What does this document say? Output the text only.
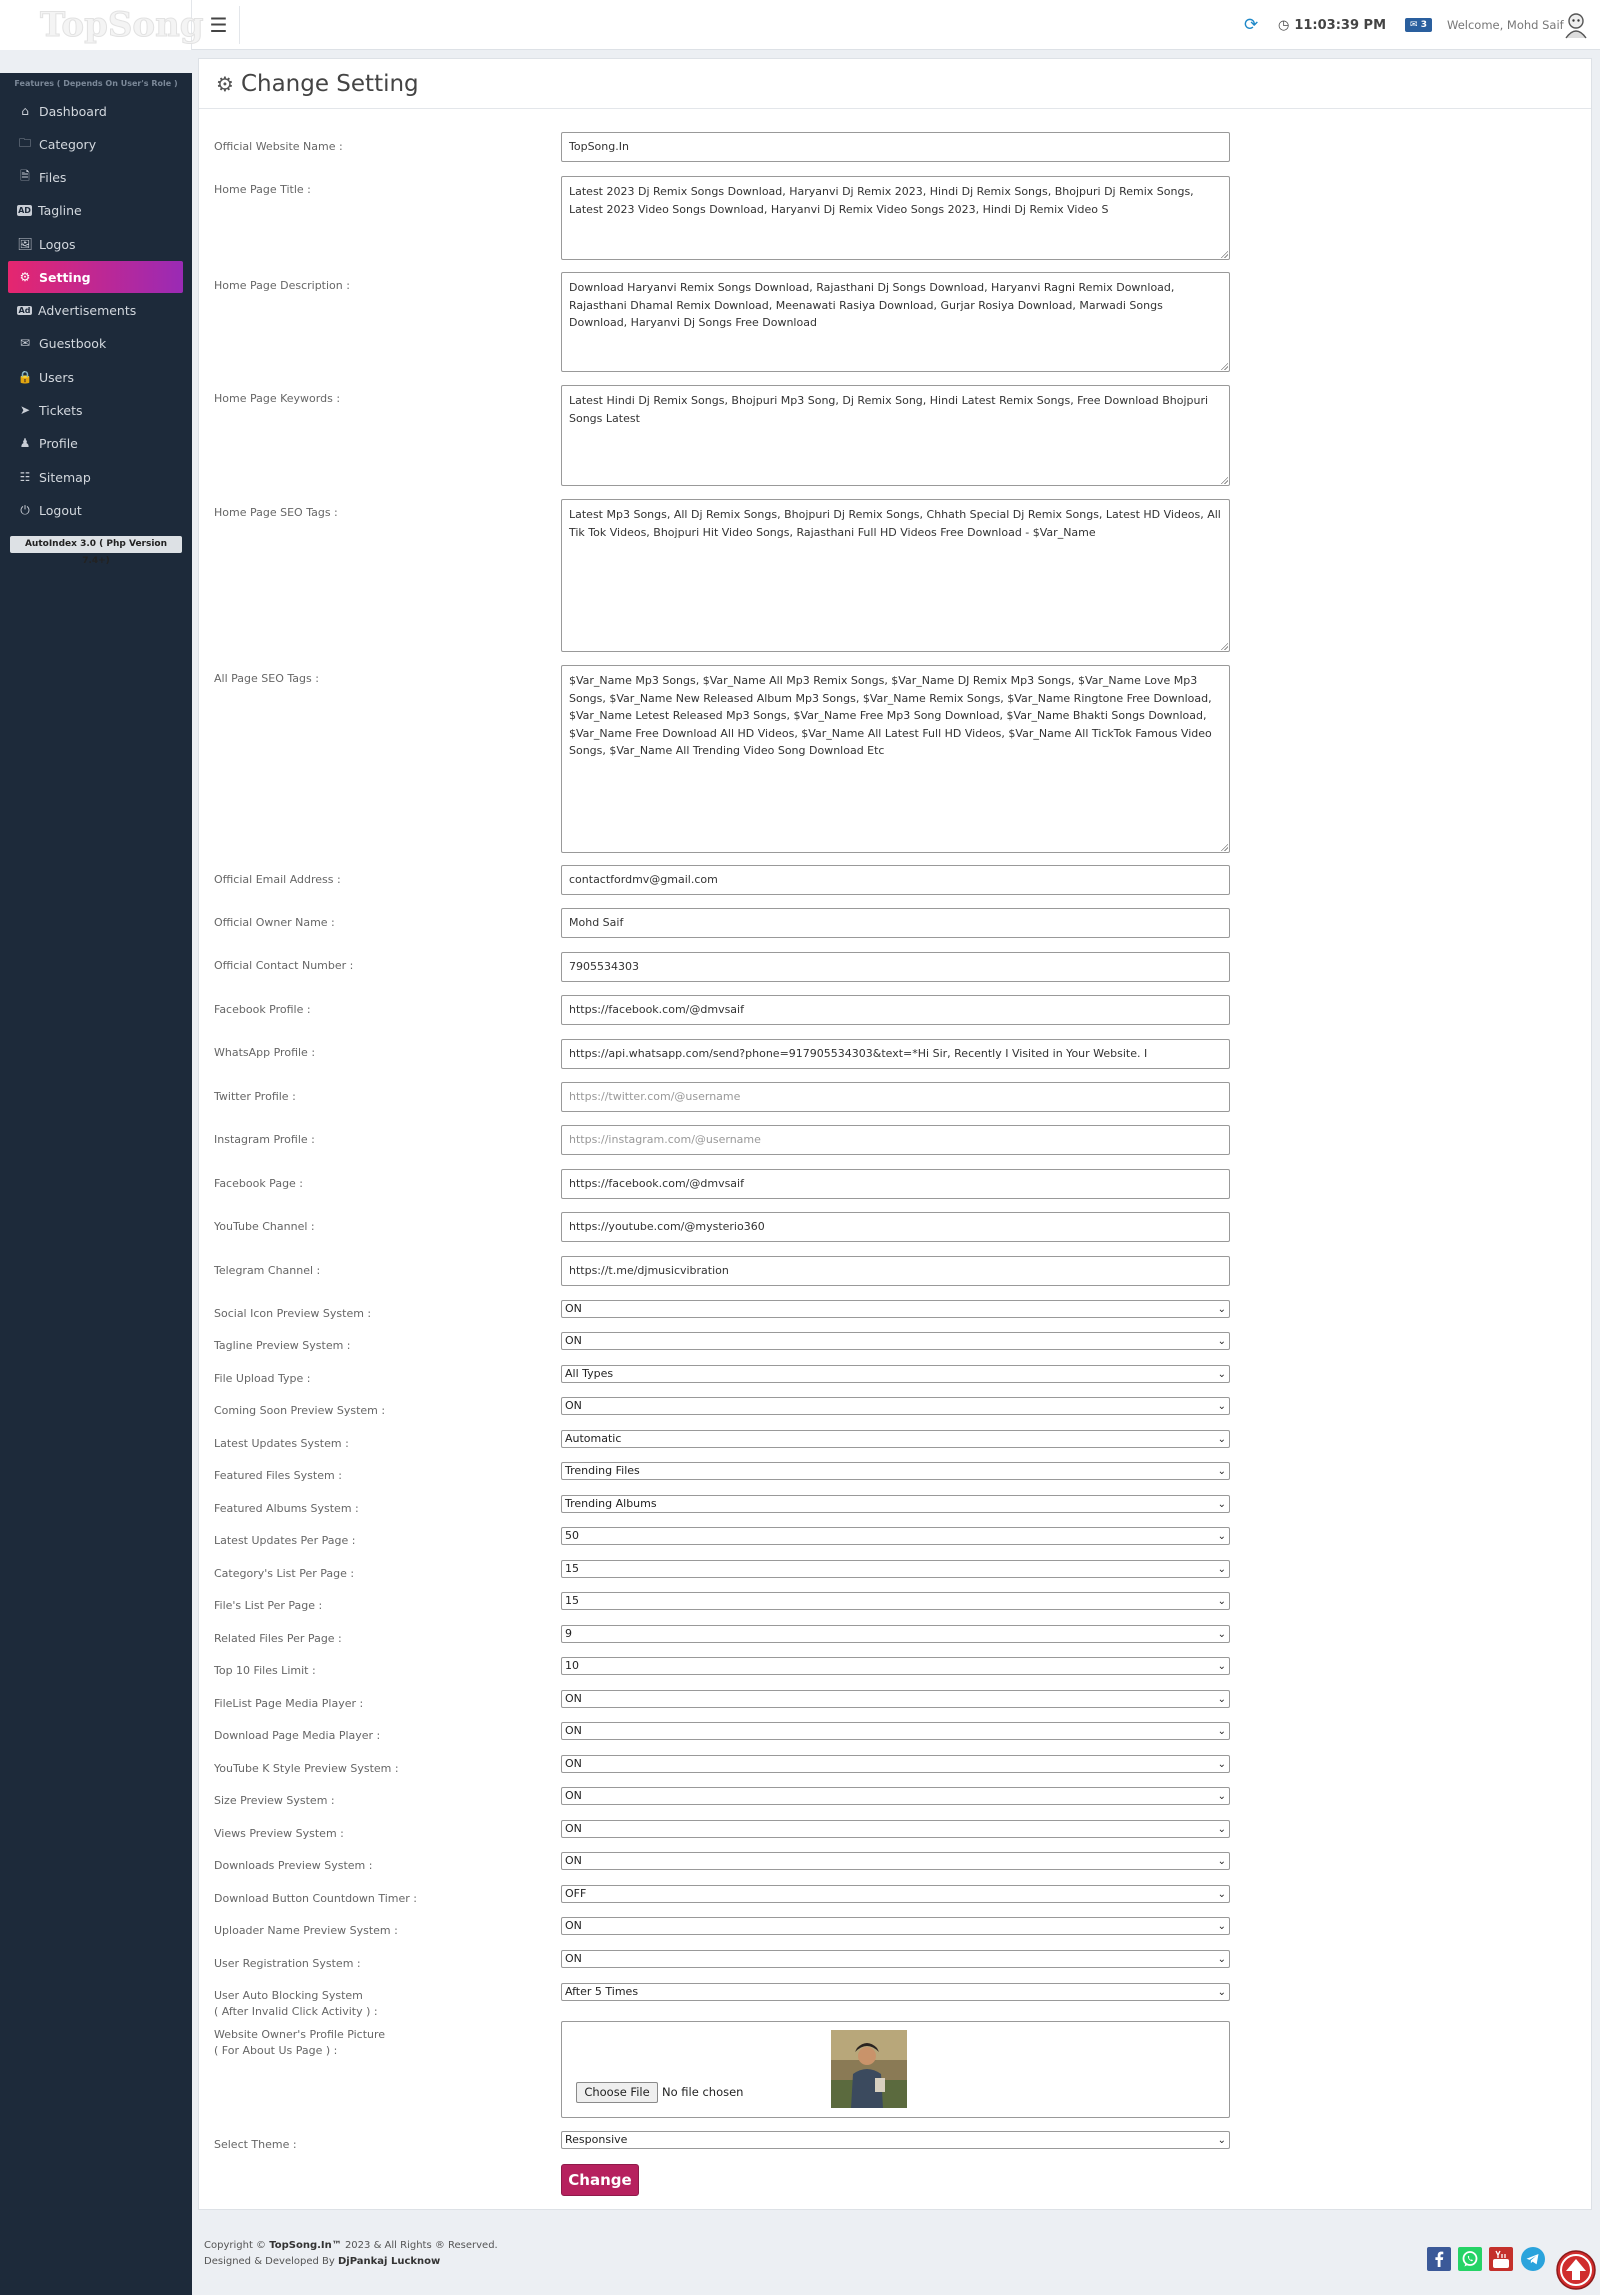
TopSong ☰	⟳ ◷ 11:03:39 PM	✉ 3	Welcome, Mohd Saif
Features ( Depends On User's Role )
⌂ Dashboard
🗀 Category
🗎 Files
AD Tagline
🖼 Logos
⚙ Setting
Ad Advertisements
✉ Guestbook
🔒 Users
➤ Tickets
♟ Profile
☷ Sitemap
⏻ Logout
AutoIndex 3.0 ( Php Version 7.4+)
⚙ Change Setting
Official Website Name :	TopSong.In
Home Page Title :	Latest 2023 Dj Remix Songs Download, Haryanvi Dj Remix 2023, Hindi Dj Remix Songs, Bhojpuri Dj Remix Songs, Latest 2023 Video Songs Download, Haryanvi Dj Remix Video Songs 2023, Hindi Dj Remix Video S
Home Page Description :	Download Haryanvi Remix Songs Download, Rajasthani Dj Songs Download, Haryanvi Ragni Remix Download, Rajasthani Dhamal Remix Download, Meenawati Rasiya Download, Gurjar Rosiya Download, Marwadi Songs Download, Haryanvi Dj Songs Free Download
Home Page Keywords :	Latest Hindi Dj Remix Songs, Bhojpuri Mp3 Song, Dj Remix Song, Hindi Latest Remix Songs, Free Download Bhojpuri Songs Latest
Home Page SEO Tags :	Latest Mp3 Songs, All Dj Remix Songs, Bhojpuri Dj Remix Songs, Chhath Special Dj Remix Songs, Latest HD Videos, All Tik Tok Videos, Bhojpuri Hit Video Songs, Rajasthani Full HD Videos Free Download - $Var_Name
All Page SEO Tags :	$Var_Name Mp3 Songs, $Var_Name All Mp3 Remix Songs, $Var_Name DJ Remix Mp3 Songs, $Var_Name Love Mp3 Songs, $Var_Name New Released Album Mp3 Songs, $Var_Name Remix Songs, $Var_Name Ringtone Free Download, $Var_Name Letest Released Mp3 Songs, $Var_Name Free Mp3 Song Download, $Var_Name Bhakti Songs Download, $Var_Name Free Download All HD Videos, $Var_Name All Latest Full HD Videos, $Var_Name All TickTok Famous Video Songs, $Var_Name All Trending Video Song Download Etc
Official Email Address :	contactfordmv@gmail.com
Official Owner Name :	Mohd Saif
Official Contact Number :	7905534303
Facebook Profile :	https://facebook.com/@dmvsaif
WhatsApp Profile :	https://api.whatsapp.com/send?phone=917905534303&text=*Hi Sir, Recently I Visited in Your Website. I
Twitter Profile :	https://twitter.com/@username
Instagram Profile :	https://instagram.com/@username
Facebook Page :	https://facebook.com/@dmvsaif
YouTube Channel :	https://youtube.com/@mysterio360
Telegram Channel :	https://t.me/djmusicvibration
Social Icon Preview System :	ON	⌄
Tagline Preview System :	ON	⌄
File Upload Type :	All Types	⌄
Coming Soon Preview System :	ON	⌄
Latest Updates System :	Automatic	⌄
Featured Files System :	Trending Files	⌄
Featured Albums System :	Trending Albums	⌄
Latest Updates Per Page :	50	⌄
Category's List Per Page :	15	⌄
File's List Per Page :	15	⌄
Related Files Per Page :	9	⌄
Top 10 Files Limit :	10	⌄
FileList Page Media Player :	ON	⌄
Download Page Media Player :	ON	⌄
YouTube K Style Preview System :	ON	⌄
Size Preview System :	ON	⌄
Views Preview System :	ON	⌄
Downloads Preview System :	ON	⌄
Download Button Countdown Timer :	OFF	⌄
Uploader Name Preview System :	ON	⌄
User Registration System :	ON	⌄
User Auto Blocking System
( After Invalid Click Activity ) :
After 5 Times	⌄
Website Owner's Profile Picture
( For About Us Page ) :
Choose File	No file chosen
Select Theme :	Responsive	⌄
Change
Copyright © TopSong.In™ 2023 & All Rights ® Reserved.
Designed & Developed By DjPankaj Lucknow
